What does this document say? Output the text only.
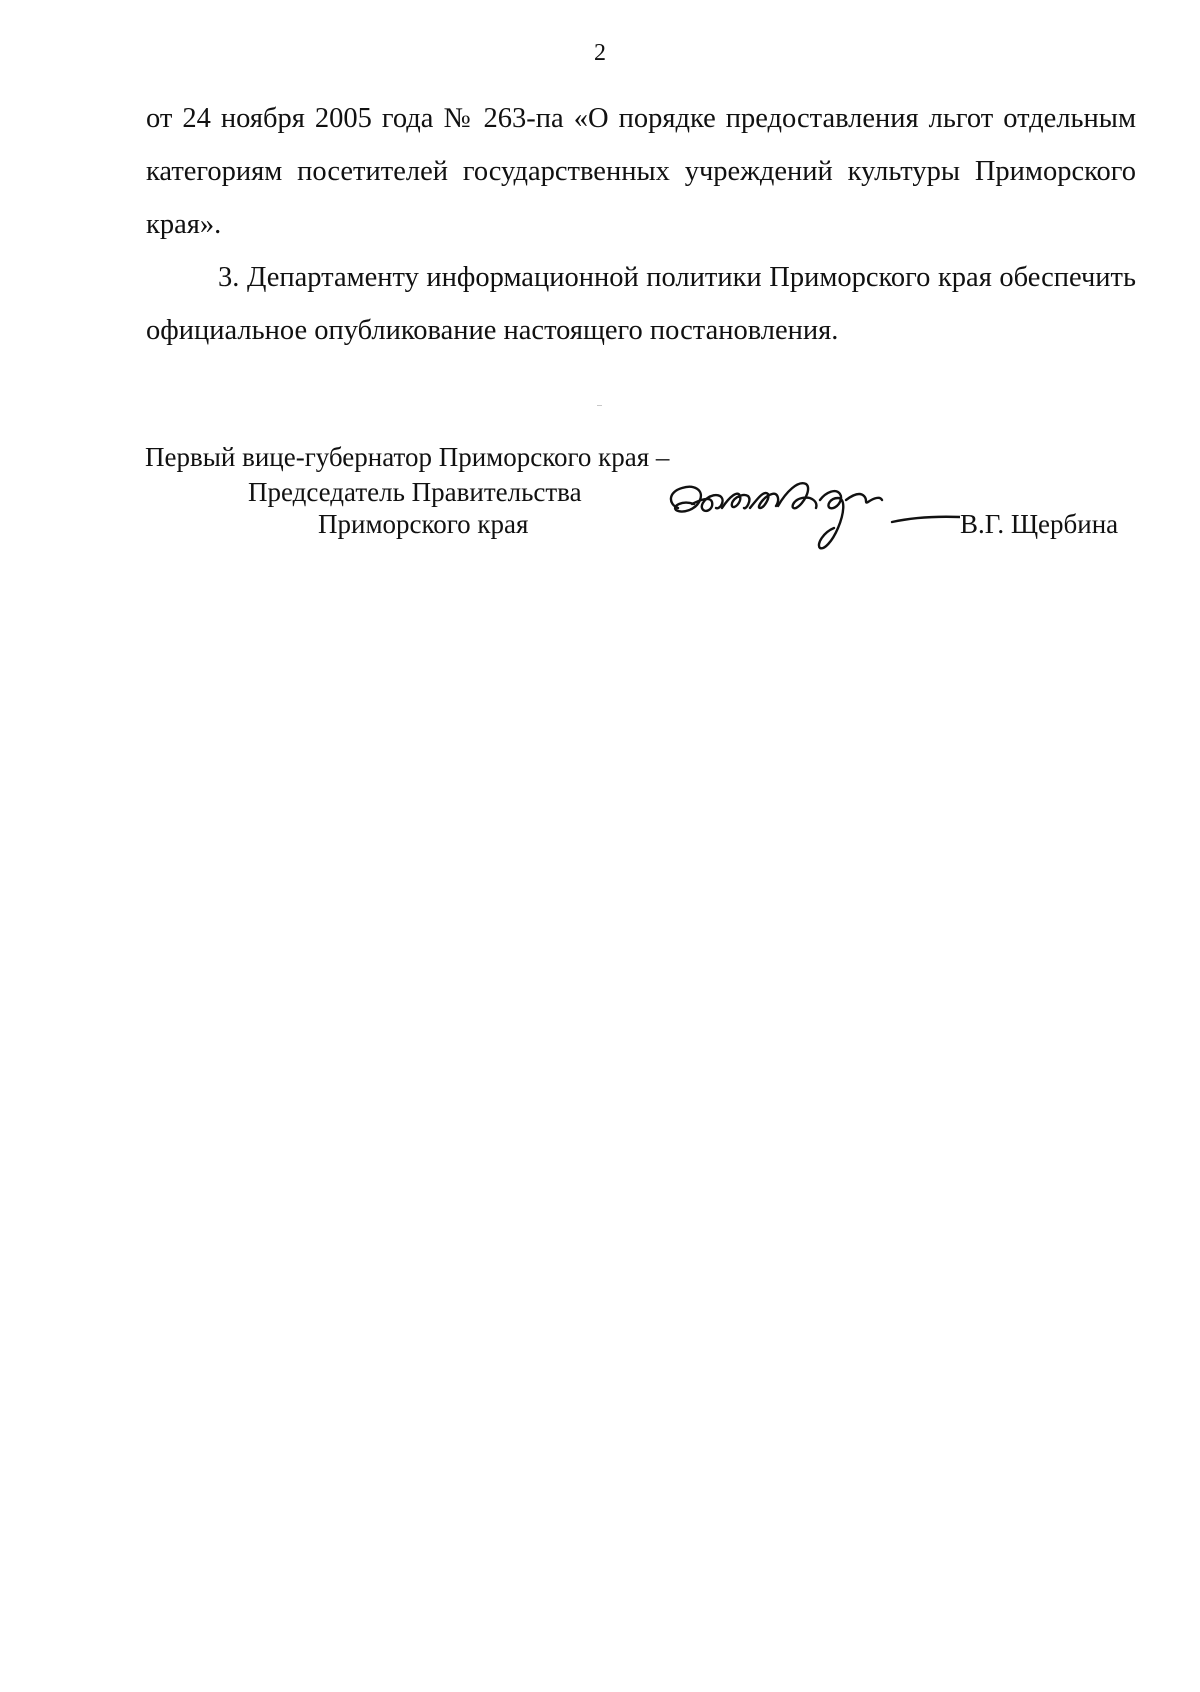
2

от 24 ноября 2005 года № 263-па «О порядке предоставления льгот отдельным категориям посетителей государственных учреждений культуры Приморского края».

3. Департаменту информационной политики Приморского края обеспечить официальное опубликование настоящего постановления.

Первый вице-губернатор Приморского края –
Председатель Правительства
Приморского края	В.Г. Щербина
